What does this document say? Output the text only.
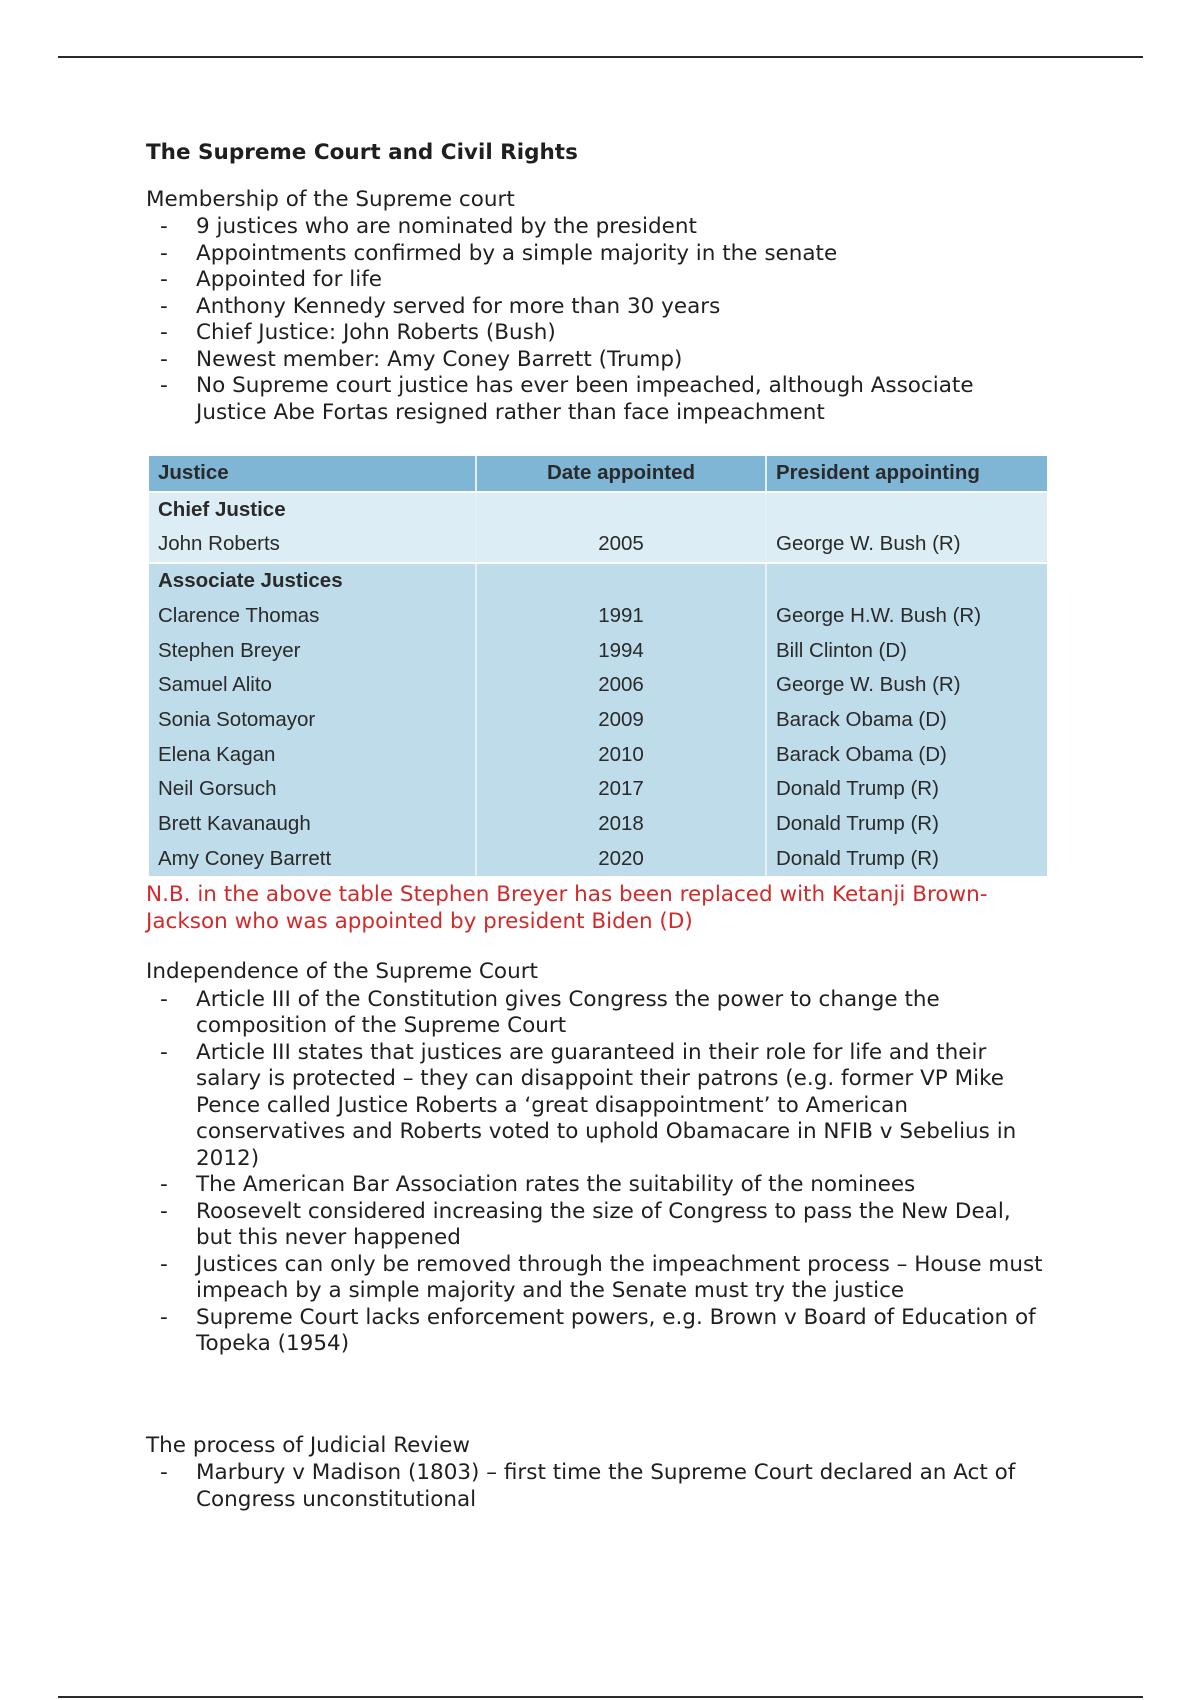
The Supreme Court and Civil Rights
Membership of the Supreme court
- 9 justices who are nominated by the president
- Appointments confirmed by a simple majority in the senate
- Appointed for life
- Anthony Kennedy served for more than 30 years
- Chief Justice: John Roberts (Bush)
- Newest member: Amy Coney Barrett (Trump)
- No Supreme court justice has ever been impeached, although Associate Justice Abe Fortas resigned rather than face impeachment
Justice	Date appointed	President appointing
Chief Justice		
John Roberts	2005	George W. Bush (R)
Associate Justices		
Clarence Thomas	1991	George H.W. Bush (R)
Stephen Breyer	1994	Bill Clinton (D)
Samuel Alito	2006	George W. Bush (R)
Sonia Sotomayor	2009	Barack Obama (D)
Elena Kagan	2010	Barack Obama (D)
Neil Gorsuch	2017	Donald Trump (R)
Brett Kavanaugh	2018	Donald Trump (R)
Amy Coney Barrett	2020	Donald Trump (R)
N.B. in the above table Stephen Breyer has been replaced with Ketanji Brown-Jackson who was appointed by president Biden (D)
Independence of the Supreme Court
- Article III of the Constitution gives Congress the power to change the composition of the Supreme Court
- Article III states that justices are guaranteed in their role for life and their salary is protected – they can disappoint their patrons (e.g. former VP Mike Pence called Justice Roberts a ‘great disappointment’ to American conservatives and Roberts voted to uphold Obamacare in NFIB v Sebelius in 2012)
- The American Bar Association rates the suitability of the nominees
- Roosevelt considered increasing the size of Congress to pass the New Deal, but this never happened
- Justices can only be removed through the impeachment process – House must impeach by a simple majority and the Senate must try the justice
- Supreme Court lacks enforcement powers, e.g. Brown v Board of Education of Topeka (1954)
The process of Judicial Review
- Marbury v Madison (1803) – first time the Supreme Court declared an Act of Congress unconstitutional
